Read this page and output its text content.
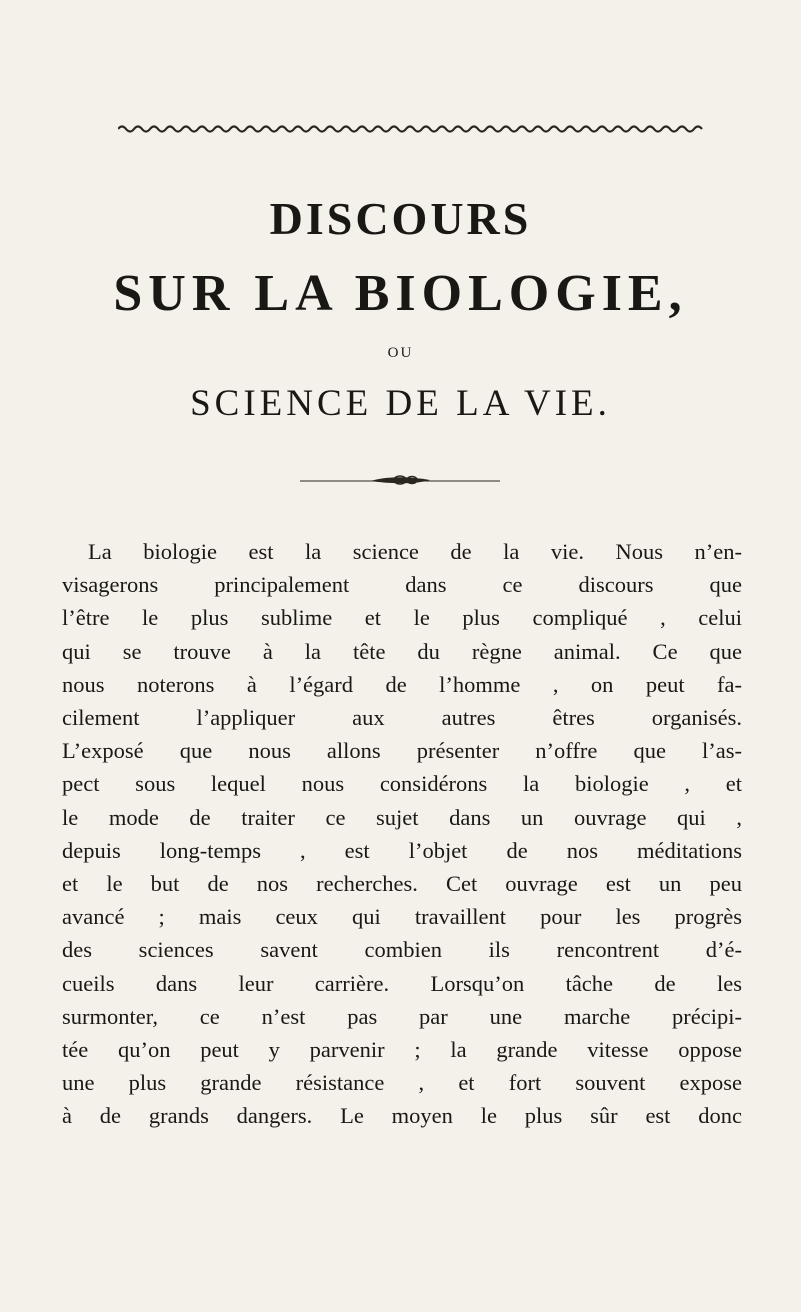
DISCOURS
SUR LA BIOLOGIE,
OU
SCIENCE DE LA VIE.
La biologie est la science de la vie. Nous n’en-
visagerons principalement dans ce discours que
l’être le plus sublime et le plus compliqué , celui
qui se trouve à la tête du règne animal. Ce que
nous noterons à l’égard de l’homme , on peut fa-
cilement l’appliquer aux autres êtres organisés.
L’exposé que nous allons présenter n’offre que l’as-
pect sous lequel nous considérons la biologie , et
le mode de traiter ce sujet dans un ouvrage qui ,
depuis long-temps , est l’objet de nos méditations
et le but de nos recherches. Cet ouvrage est un peu
avancé ; mais ceux qui travaillent pour les progrès
des sciences savent combien ils rencontrent d’é-
cueils dans leur carrière. Lorsqu’on tâche de les
surmonter, ce n’est pas par une marche précipi-
tée qu’on peut y parvenir ; la grande vitesse oppose
une plus grande résistance , et fort souvent expose
à de grands dangers. Le moyen le plus sûr est donc
